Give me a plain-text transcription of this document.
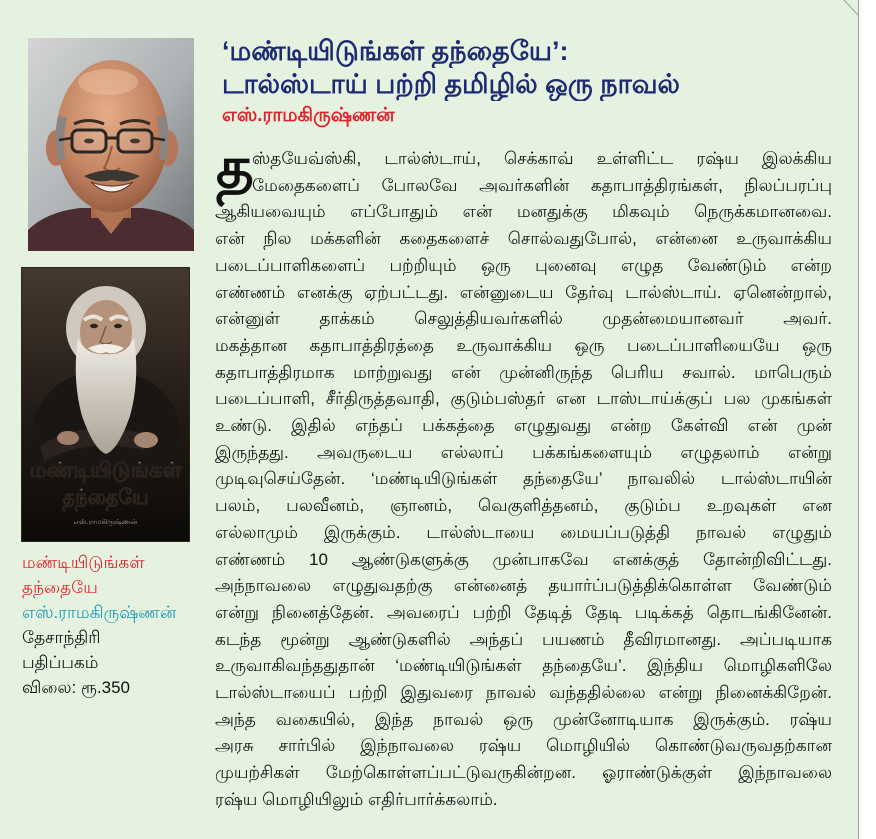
மண்டியிடுங்கள்
தந்தையே
எஸ்.ராமகிருஷ்ணன்
மண்டியிடுங்கள்
தந்தையே
எஸ்.ராமகிருஷ்ணன்
தேசாந்திரி
பதிப்பகம்
விலை: ரூ.350
‘மண்டியிடுங்கள் தந்தையே’:
டால்ஸ்டாய் பற்றி தமிழில் ஒரு நாவல்
எஸ்.ராமகிருஷ்ணன்
த
ஸ்தயேவ்ஸ்கி, டால்ஸ்டாய், செக்காவ் உள்ளிட்ட ரஷ்ய இலக்கிய
மேதைகளைப் போலவே அவர்களின் கதாபாத்திரங்கள், நிலப்பரப்பு
ஆகியவையும் எப்போதும் என் மனதுக்கு மிகவும் நெருக்கமானவை.
என் நில மக்களின் கதைகளைச் சொல்வதுபோல், என்னை உருவாக்கிய
படைப்பாளிகளைப் பற்றியும் ஒரு புனைவு எழுத வேண்டும் என்ற
எண்ணம் எனக்கு ஏற்பட்டது. என்னுடைய தேர்வு டால்ஸ்டாய். ஏனென்றால்,
என்னுள் தாக்கம் செலுத்தியவர்களில் முதன்மையானவர் அவர்.
மகத்தான கதாபாத்திரத்தை உருவாக்கிய ஒரு படைப்பாளியையே ஒரு
கதாபாத்திரமாக மாற்றுவது என் முன்னிருந்த பெரிய சவால். மாபெரும்
படைப்பாளி, சீர்திருத்தவாதி, குடும்பஸ்தர் என டாஸ்டாய்க்குப் பல முகங்கள்
உண்டு. இதில் எந்தப் பக்கத்தை எழுதுவது என்ற கேள்வி என் முன்
இருந்தது. அவருடைய எல்லாப் பக்கங்களையும் எழுதலாம் என்று
முடிவுசெய்தேன். ‘மண்டியிடுங்கள் தந்தையே’ நாவலில் டால்ஸ்டாயின்
பலம், பலவீனம், ஞானம், வெகுளித்தனம், குடும்ப உறவுகள் என
எல்லாமும் இருக்கும். டால்ஸ்டாயை மையப்படுத்தி நாவல் எழுதும்
எண்ணம் 10 ஆண்டுகளுக்கு முன்பாகவே எனக்குத் தோன்றிவிட்டது.
அந்நாவலை எழுதுவதற்கு என்னைத் தயார்ப்படுத்திக்கொள்ள வேண்டும்
என்று நினைத்தேன். அவரைப் பற்றி தேடித் தேடி படிக்கத் தொடங்கினேன்.
கடந்த மூன்று ஆண்டுகளில் அந்தப் பயணம் தீவிரமானது. அப்படியாக
உருவாகிவந்ததுதான் ‘மண்டியிடுங்கள் தந்தையே’. இந்திய மொழிகளிலே
டால்ஸ்டாயைப் பற்றி இதுவரை நாவல் வந்ததில்லை என்று நினைக்கிறேன்.
அந்த வகையில், இந்த நாவல் ஒரு முன்னோடியாக இருக்கும். ரஷ்ய
அரசு சார்பில் இந்நாவலை ரஷ்ய மொழியில் கொண்டுவருவதற்கான
முயற்சிகள் மேற்கொள்ளப்பட்டுவருகின்றன. ஓராண்டுக்குள் இந்நாவலை
ரஷ்ய மொழியிலும் எதிர்பார்க்கலாம்.
